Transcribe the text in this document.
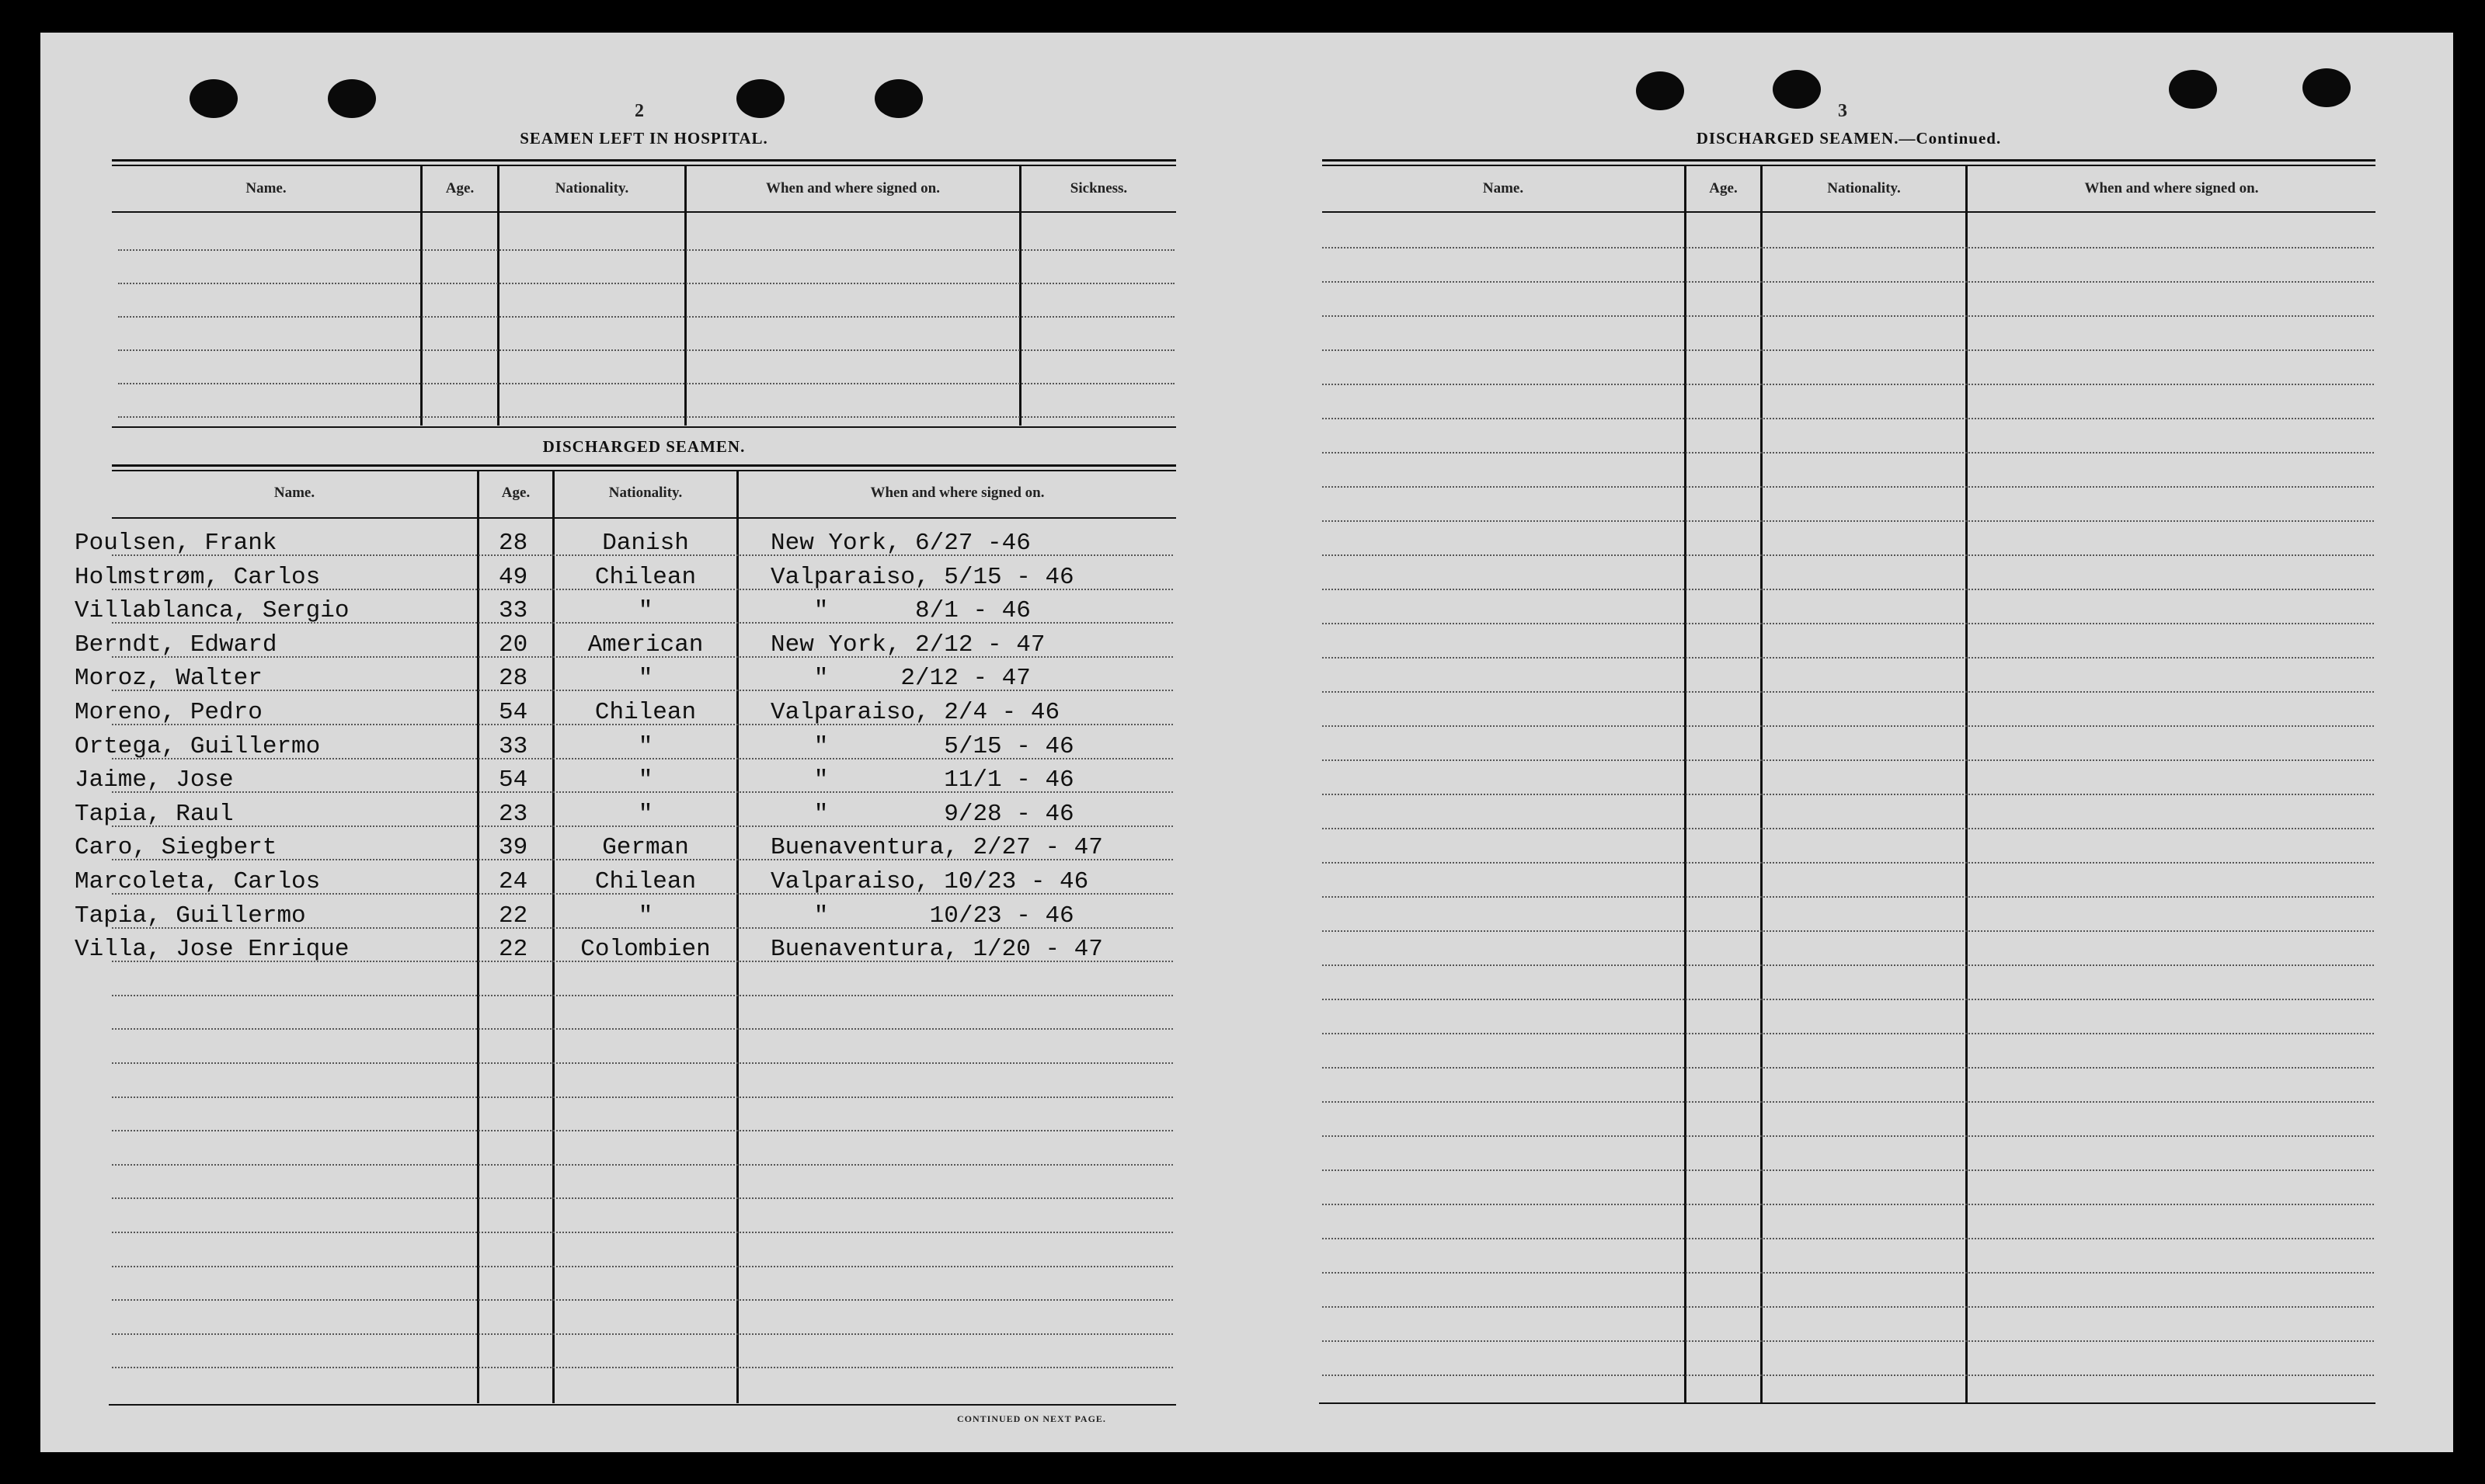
2
SEAMEN LEFT IN HOSPITAL.
Name.	Age.	Nationality.	When and where signed on.	Sickness.
DISCHARGED SEAMEN.
Name.	Age.	Nationality.	When and where signed on.
Poulsen, Frank	28	Danish	New York, 6/27 -46
Holmstrøm, Carlos	49	Chilean	Valparaiso, 5/15 - 46
Villablanca, Sergio	33	"	"      8/1 - 46
Berndt, Edward	20	American	New York, 2/12 - 47
Moroz, Walter	28	"	"     2/12 - 47
Moreno, Pedro	54	Chilean	Valparaiso, 2/4 - 46
Ortega, Guillermo	33	"	"        5/15 - 46
Jaime, Jose	54	"	"        11/1 - 46
Tapia, Raul	23	"	"        9/28 - 46
Caro, Siegbert	39	German	Buenaventura, 2/27 - 47
Marcoleta, Carlos	24	Chilean	Valparaiso, 10/23 - 46
Tapia, Guillermo	22	"	"       10/23 - 46
Villa, Jose Enrique	22	Colombien	Buenaventura, 1/20 - 47
CONTINUED ON NEXT PAGE.
3
DISCHARGED SEAMEN.—Continued.
Name.	Age.	Nationality.	When and where signed on.
